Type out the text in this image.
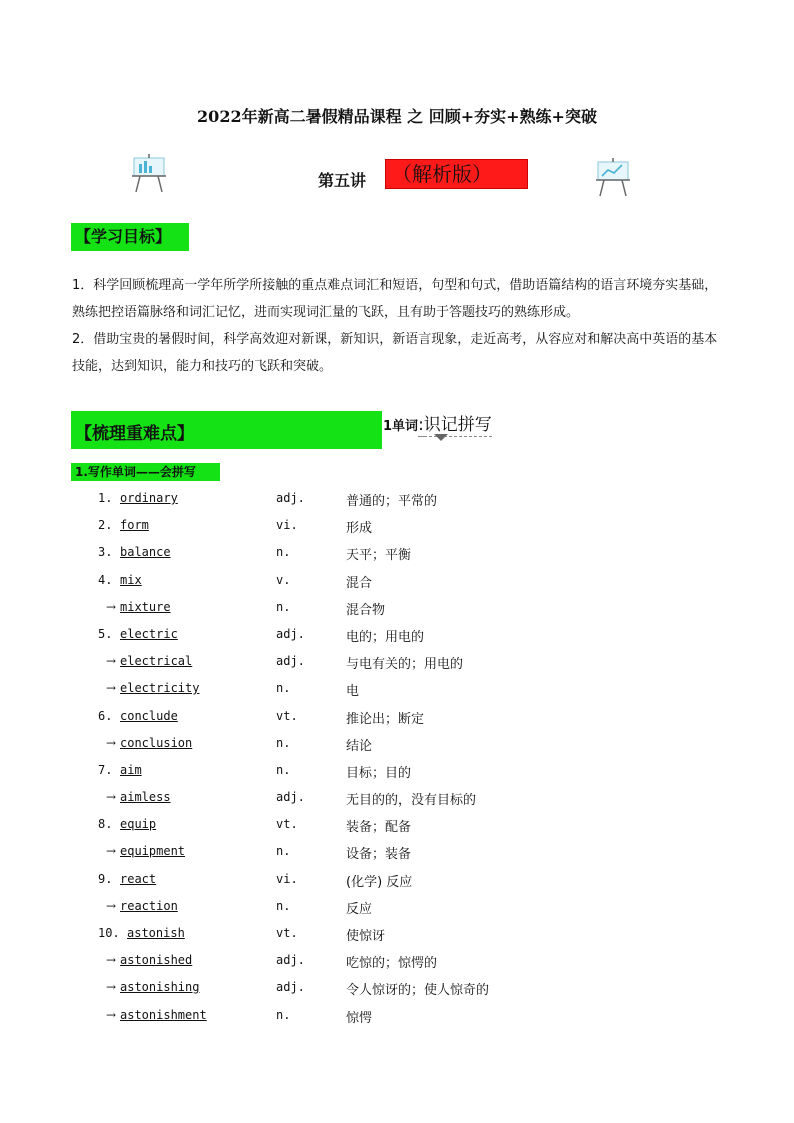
2022年新高二暑假精品课程 之 回顾+夯实+熟练+突破
第五讲	（解析版）
【学习目标】

1．科学回顾梳理高一学年所学所接触的重点难点词汇和短语，句型和句式，借助语篇结构的语言环境夯实基础，熟练把控语篇脉络和词汇记忆，进而实现词汇量的飞跃，且有助于答题技巧的熟练形成。

2．借助宝贵的暑假时间，科学高效迎对新课，新知识，新语言现象，走近高考，从容应对和解决高中英语的基本技能，达到知识，能力和技巧的飞跃和突破。

【梳理重难点】	1单词:识记拼写
1.写作单词——会拼写
1. ordinary	adj.	普通的；平常的
2. form	vi.	形成
3. balance	n.	天平；平衡
4. mix	v.	混合
→ mixture	n.	混合物
5. electric	adj.	电的；用电的
→ electrical	adj.	与电有关的；用电的
→ electricity	n.	电
6. conclude	vt.	推论出；断定
→ conclusion	n.	结论
7. aim	n.	目标；目的
→ aimless	adj.	无目的的，没有目标的
8. equip	vt.	装备；配备
→ equipment	n.	设备；装备
9. react	vi.	(化学) 反应
→ reaction	n.	反应
10. astonish	vt.	使惊讶
→ astonished	adj.	吃惊的；惊愕的
→ astonishing	adj.	令人惊讶的；使人惊奇的
→ astonishment	n.	惊愕
